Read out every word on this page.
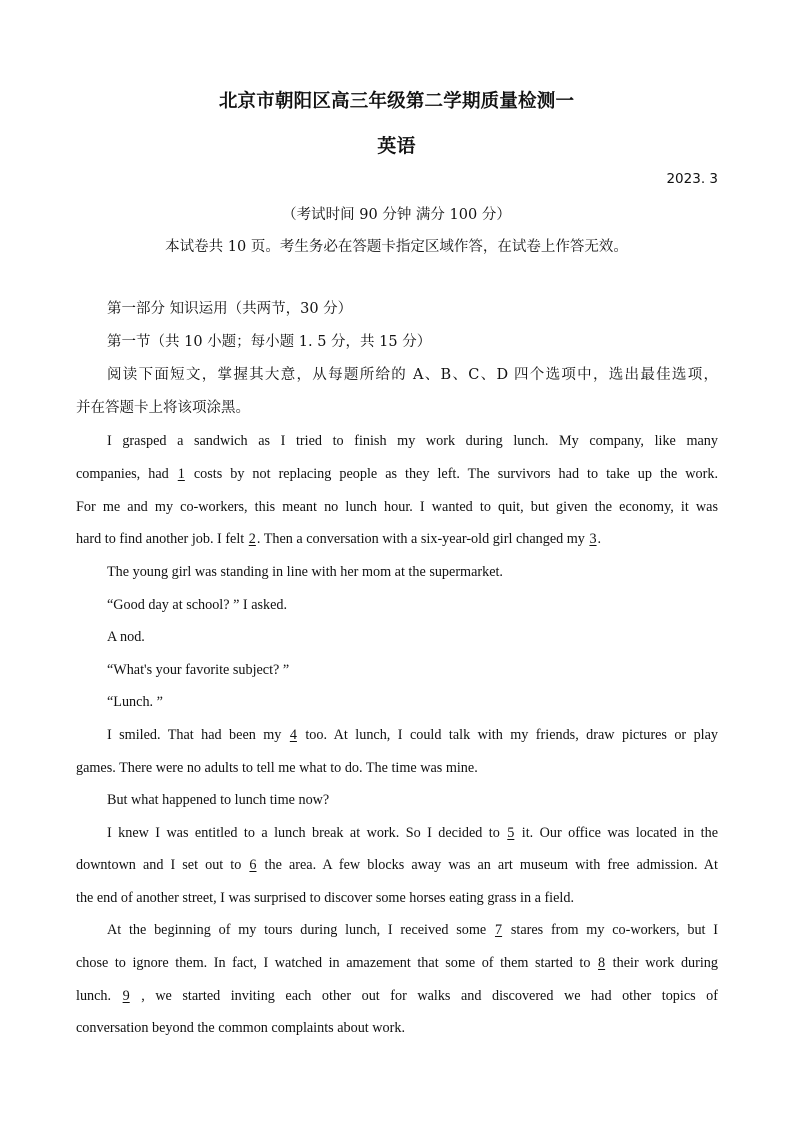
北京市朝阳区高三年级第二学期质量检测一
英语
2023. 3
（考试时间 90 分钟 满分 100 分）
本试卷共 10 页。考生务必在答题卡指定区域作答，在试卷上作答无效。
第一部分 知识运用（共两节，30 分）
第一节（共 10 小题；每小题 1. 5 分，共 15 分）
阅读下面短文，掌握其大意，从每题所给的 A、B、C、D 四个选项中，选出最佳选项，
并在答题卡上将该项涂黑。
I grasped a sandwich as I tried to finish my work during lunch. My company, like many
companies, had 1 costs by not replacing people as they left. The survivors had to take up the work.
For me and my co-workers, this meant no lunch hour. I wanted to quit, but given the economy, it was
hard to find another job. I felt 2. Then a conversation with a six-year-old girl changed my 3.
The young girl was standing in line with her mom at the supermarket.
“Good day at school? ” I asked.
A nod.
“What's your favorite subject? ”
“Lunch. ”
I smiled. That had been my 4 too. At lunch, I could talk with my friends, draw pictures or play
games. There were no adults to tell me what to do. The time was mine.
But what happened to lunch time now?
I knew I was entitled to a lunch break at work. So I decided to 5 it. Our office was located in the
downtown and I set out to 6 the area. A few blocks away was an art museum with free admission. At
the end of another street, I was surprised to discover some horses eating grass in a field.
At the beginning of my tours during lunch, I received some 7 stares from my co-workers, but I
chose to ignore them. In fact, I watched in amazement that some of them started to 8 their work during
lunch. 9 , we started inviting each other out for walks and discovered we had other topics of
conversation beyond the common complaints about work.
